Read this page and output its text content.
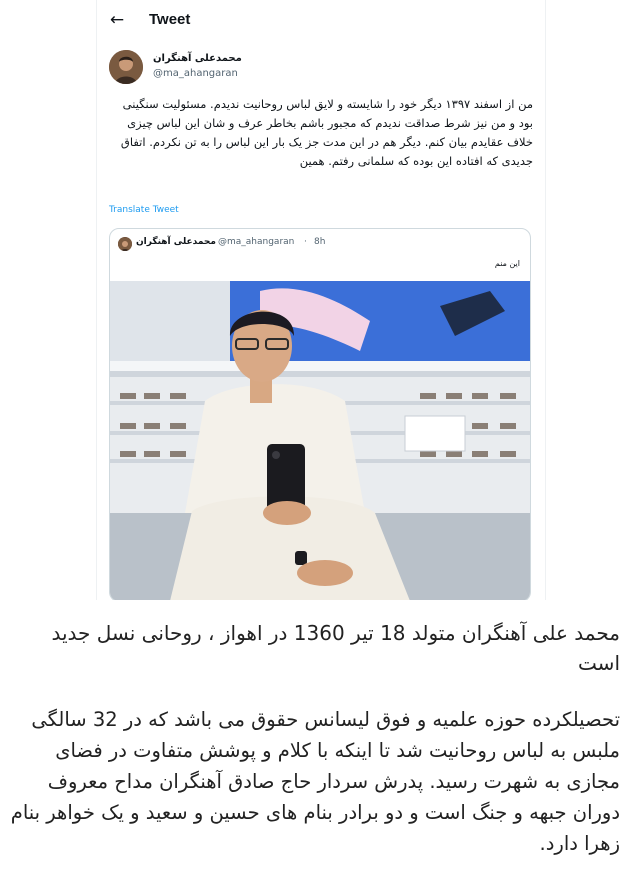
← Tweet
محمدعلی آهنگران
@ma_ahangaran
من از اسفند ۱۳۹۷ دیگر خود را شایسته و لایق لباس روحانیت ندیدم. مسئولیت سنگینی بود و من نیز شرط صداقت ندیدم که مجبور باشم بخاطر عرف و شان این لباس چیزی خلاف عقایدم بیان کنم. دیگر هم در این مدت جز یک بار این لباس را به تن نکردم. اتفاق جدیدی که افتاده این بوده که سلمانی رفتم. همین
Translate Tweet
محمدعلی آهنگران @ma_ahangaran · 8h
این منم
محمد علی آهنگران متولد 18 تیر 1360 در اهواز ، روحانی نسل جدید است
تحصیلکرده حوزه علمیه و فوق لیسانس حقوق می باشد که در 32 سالگی ملبس به لباس روحانیت شد تا اینکه با کلام و پوشش متفاوت در فضای مجازی به شهرت رسید. پدرش سردار حاج صادق آهنگران مداح معروف دوران جبهه و جنگ است و دو برادر بنام های حسین و سعید و یک خواهر بنام زهرا دارد.
